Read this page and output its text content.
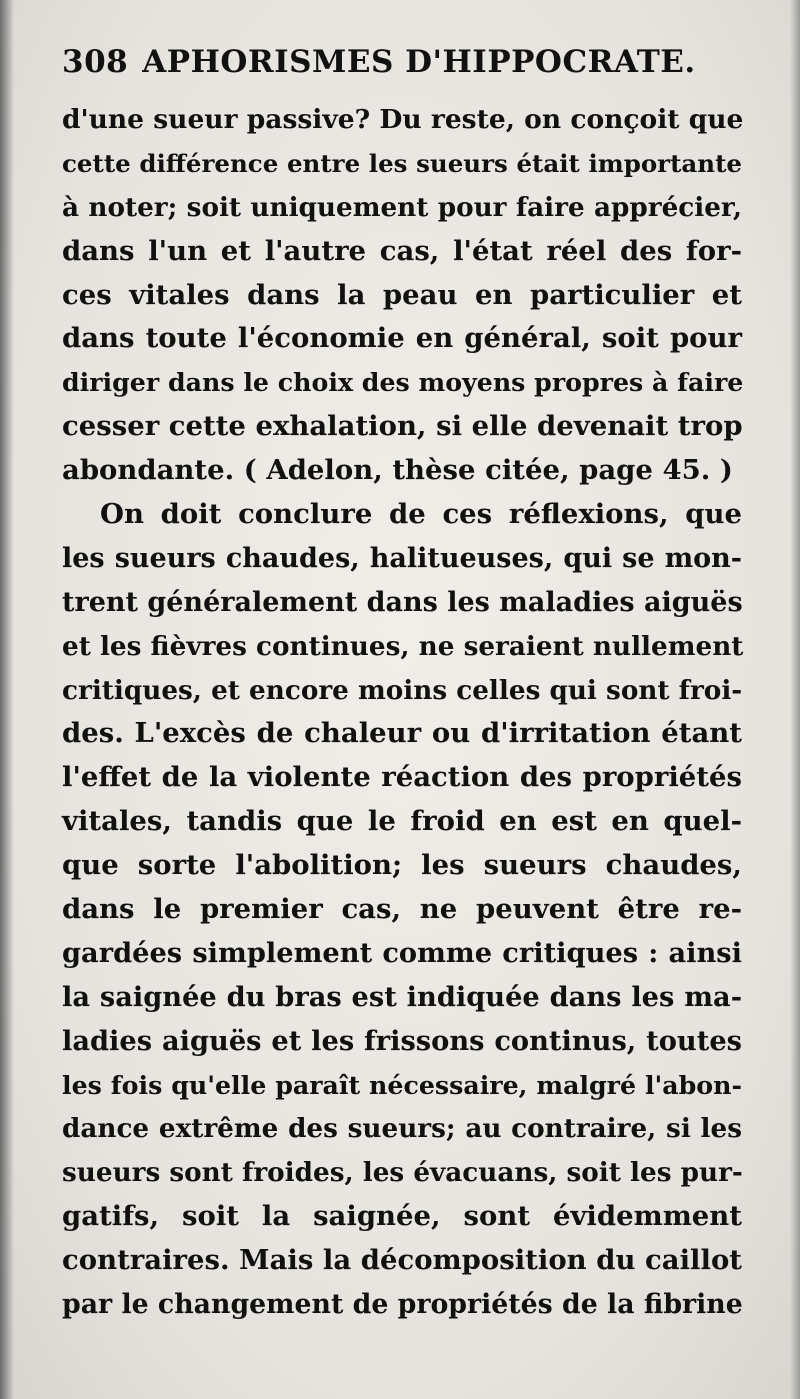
308 APHORISMES D'HIPPOCRATE.
d'une sueur passive? Du reste, on conçoit que
cette différence entre les sueurs était importante
à noter; soit uniquement pour faire apprécier,
dans l'un et l'autre cas, l'état réel des for-
ces vitales dans la peau en particulier et
dans toute l'économie en général, soit pour
diriger dans le choix des moyens propres à faire
cesser cette exhalation, si elle devenait trop
abondante. ( Adelon, thèse citée, page 45. )
On doit conclure de ces réflexions, que
les sueurs chaudes, halitueuses, qui se mon-
trent généralement dans les maladies aiguës
et les fièvres continues, ne seraient nullement
critiques, et encore moins celles qui sont froi-
des. L'excès de chaleur ou d'irritation étant
l'effet de la violente réaction des propriétés
vitales, tandis que le froid en est en quel-
que sorte l'abolition; les sueurs chaudes,
dans le premier cas, ne peuvent être re-
gardées simplement comme critiques : ainsi
la saignée du bras est indiquée dans les ma-
ladies aiguës et les frissons continus, toutes
les fois qu'elle paraît nécessaire, malgré l'abon-
dance extrême des sueurs; au contraire, si les
sueurs sont froides, les évacuans, soit les pur-
gatifs, soit la saignée, sont évidemment
contraires. Mais la décomposition du caillot
par le changement de propriétés de la fibrine
